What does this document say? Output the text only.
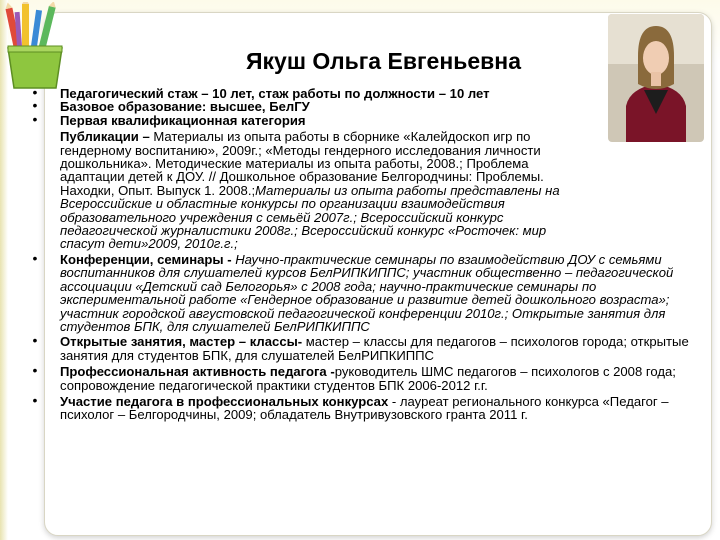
Якуш Ольга Евгеньевна
• Педагогический стаж – 10 лет, стаж работы по должности – 10 лет
• Базовое образование: высшее, БелГУ
• Первая квалификационная категория
Публикации – Материалы из опыта работы в сборнике «Калейдоскоп игр по гендерному воспитанию», 2009г.; «Методы гендерного исследования личности дошкольника». Методические материалы из опыта работы, 2008.; Проблема адаптации детей к ДОУ. // Дошкольное образование Белгородчины: Проблемы. Находки, Опыт. Выпуск 1. 2008.;Материалы из опыта работы представлены на Всероссийские и областные конкурсы по организации взаимодействия образовательного учреждения с семьёй 2007г.; Всероссийский конкурс педагогической журналистики 2008г.; Всероссийский конкурс «Росточек: мир спасут дети»2009, 2010г.г.;
• Конференции, семинары - Научно-практические семинары по взаимодействию ДОУ с семьями воспитанников для слушателей курсов БелРИПКИППС; участник общественно – педагогической ассоциации «Детский сад Белогорья» с 2008 года; научно-практические семинары по экспериментальной работе «Гендерное образование и развитие детей дошкольного возраста»; участник городской августовской педагогической конференции 2010г.; Открытые занятия для студентов БПК, для слушателей БелРИПКИППС
• Открытые занятия, мастер – классы- мастер – классы для педагогов – психологов города; открытые занятия для студентов БПК, для слушателей БелРИПКИППС
• Профессиональная активность педагога -руководитель ШМС педагогов – психологов с 2008 года; сопровождение педагогической практики студентов БПК 2006-2012 г.г.
• Участие педагога в профессиональных конкурсах - лауреат регионального конкурса «Педагог – психолог – Белгородчины, 2009; обладатель Внутривузовского гранта 2011 г.
